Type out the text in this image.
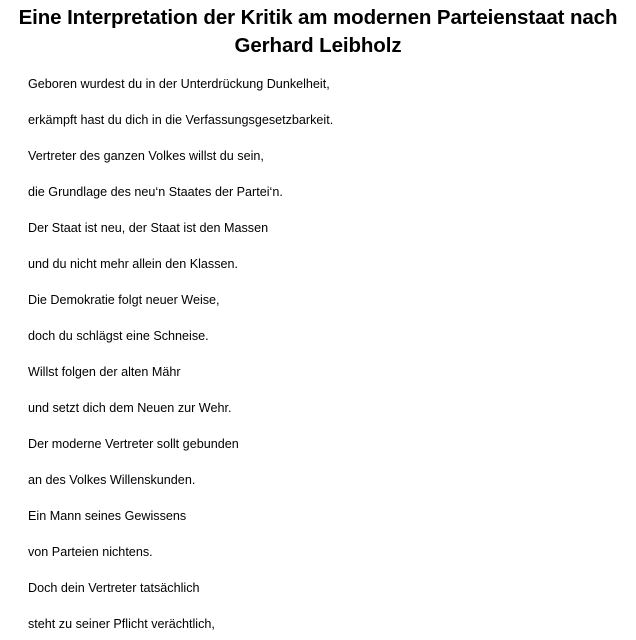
Eine Interpretation der Kritik am modernen Parteienstaat nach
Gerhard Leibholz
Geboren wurdest du in der Unterdrückung Dunkelheit,
erkämpft hast du dich in die Verfassungsgesetzbarkeit.
Vertreter des ganzen Volkes willst du sein,
die Grundlage des neu‘n Staates der Partei‘n.
Der Staat ist neu, der Staat ist den Massen
und du nicht mehr allein den Klassen.
Die Demokratie folgt neuer Weise,
doch du schlägst eine Schneise.
Willst folgen der alten Mähr
und setzt dich dem Neuen zur Wehr.
Der moderne Vertreter sollt gebunden
an des Volkes Willenskunden.
Ein Mann seines Gewissens
von Parteien nichtens.
Doch dein Vertreter tatsächlich
steht zu seiner Pflicht verächtlich,
